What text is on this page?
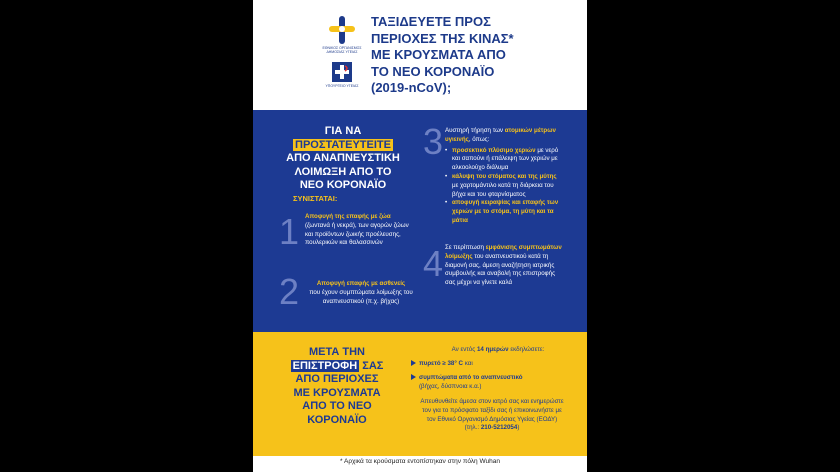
ΕΘΝΙΚΟΣ ΟΡΓΑΝΙΣΜΟΣ ΔΗΜΟΣΙΑΣ ΥΓΕΙΑΣ
ΥΠΟΥΡΓΕΙΟ ΥΓΕΙΑΣ
ΤΑΞΙΔΕΥΕΤΕ ΠΡΟΣ
ΠΕΡΙΟΧΕΣ ΤΗΣ ΚΙΝΑΣ*
ΜΕ ΚΡΟΥΣΜΑΤΑ ΑΠΟ
ΤΟ ΝΕΟ ΚΟΡΟΝΑΪΟ
(2019-nCoV);
ΓΙΑ ΝΑ
ΠΡΟΣΤΑΤΕΥΤΕΙΤΕ
ΑΠΟ ΑΝΑΠΝΕΥΣΤΙΚΗ
ΛΟΙΜΩΞΗ ΑΠΟ ΤΟ
ΝΕΟ ΚΟΡΟΝΑΪΟ
ΣΥΝΙΣΤΑΤΑΙ:
1 Αποφυγή της επαφής με ζώα
(ζωντανά ή νεκρά), των αγορών ζώων και προϊόντων ζωικής προέλευσης, πουλερικών και θαλασσινών
2	Αποφυγή επαφής με ασθενείς
που έχουν συμπτώματα λοίμωξης του αναπνευστικού (π.χ. βήχας)
3 Αυστηρή τήρηση των ατομικών μέτρων υγιεινής, όπως:
• προσεκτικό πλύσιμο χεριών με νερό και σαπούνι ή επάλειψη των χεριών με αλκοολούχο διάλυμα
• κάλυψη του στόματος και της μύτης με χαρτομάντιλο κατά τη διάρκεια του βήχα και του φταρνίσματος
• αποφυγή κειραψίας και επαφής των χεριών με το στόμα, τη μύτη και τα μάτια
4 Σε περίπτωση εμφάνισης συμπτωμάτων λοίμωξης του αναπνευστικού κατά τη διαμονή σας, άμεση αναζήτηση ιατρικής συμβουλής και αναβολή της επιστροφής σας μέχρι να γίνετε καλά
ΜΕΤΑ ΤΗΝ
ΕΠΙΣΤΡΟΦΗ ΣΑΣ
ΑΠΟ ΠΕΡΙΟΧΕΣ
ΜΕ ΚΡΟΥΣΜΑΤΑ
ΑΠΟ ΤΟ ΝΕΟ
ΚΟΡΟΝΑΪΟ
Αν εντός 14 ημερών εκδηλώσετε:
πυρετό ≥ 38° C και
συμπτώματα από το αναπνευστικό
(βήχας, δύσπνοια κ.α.)
Απευθυνθείτε άμεσα στον ιατρό σας και ενημερώστε τον για το πρόσφατο ταξίδι σας ή επικοινωνήστε με τον Εθνικό Οργανισμό Δημόσιας Υγείας (ΕΟΔΥ)
(τηλ.: 210-5212054)
* Αρχικά τα κρούσματα εντοπίστηκαν στην πόλη Wuhan
